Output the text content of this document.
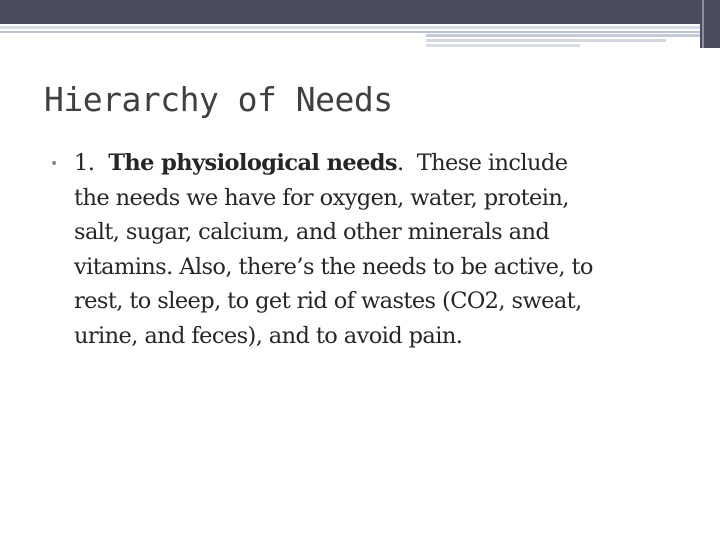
Hierarchy of Needs
• 1. The physiological needs. These include
the needs we have for oxygen, water, protein,
salt, sugar, calcium, and other minerals and
vitamins. Also, there’s the needs to be active, to
rest, to sleep, to get rid of wastes (CO2, sweat,
urine, and feces), and to avoid pain.
